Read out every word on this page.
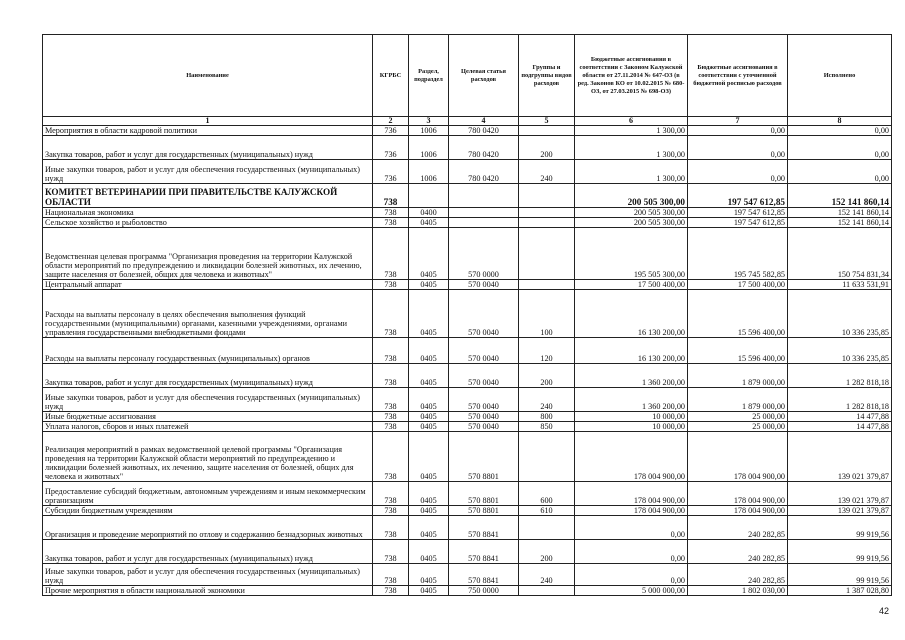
Наименование	КГРБС	Раздел, подраздел	Целевая статья расходов	Группы и подгруппы видов расходов	Бюджетные ассигнования в соответствии с Законом Калужской области от 27.11.2014 № 647-ОЗ (в ред. Законов КО от 10.02.2015 № 680-ОЗ, от 27.03.2015 № 698-ОЗ)	Бюджетные ассигнования в соответствии с уточненной бюджетной росписью расходов	Исполнено
1	2	3	4	5	6	7	8
Мероприятия в области кадровой политики	736	1006	780 0420		1 300,00	0,00	0,00
Закупка товаров, работ и услуг для государственных (муниципальных) нужд	736	1006	780 0420	200	1 300,00	0,00	0,00
Иные закупки товаров, работ и услуг для обеспечения государственных (муниципальных) нужд	736	1006	780 0420	240	1 300,00	0,00	0,00
КОМИТЕТ ВЕТЕРИНАРИИ ПРИ ПРАВИТЕЛЬСТВЕ КАЛУЖСКОЙ ОБЛАСТИ	738				200 505 300,00	197 547 612,85	152 141 860,14
Национальная экономика	738	0400			200 505 300,00	197 547 612,85	152 141 860,14
Сельское хозяйство и рыболовство	738	0405			200 505 300,00	197 547 612,85	152 141 860,14
Ведомственная целевая программа "Организация проведения на территории Калужской области мероприятий по предупреждению и ликвидации болезней животных, их лечению, защите населения от болезней, общих для человека и животных"	738	0405	570 0000		195 505 300,00	195 745 582,85	150 754 831,34
Центральный аппарат	738	0405	570 0040		17 500 400,00	17 500 400,00	11 633 531,91
Расходы на выплаты персоналу в целях обеспечения выполнения функций государственными (муниципальными) органами, казенными учреждениями, органами управления государственными внебюджетными фондами	738	0405	570 0040	100	16 130 200,00	15 596 400,00	10 336 235,85
Расходы на выплаты персоналу государственных (муниципальных) органов	738	0405	570 0040	120	16 130 200,00	15 596 400,00	10 336 235,85
Закупка товаров, работ и услуг для государственных (муниципальных) нужд	738	0405	570 0040	200	1 360 200,00	1 879 000,00	1 282 818,18
Иные закупки товаров, работ и услуг для обеспечения государственных (муниципальных) нужд	738	0405	570 0040	240	1 360 200,00	1 879 000,00	1 282 818,18
Иные бюджетные ассигнования	738	0405	570 0040	800	10 000,00	25 000,00	14 477,88
Уплата налогов, сборов и иных платежей	738	0405	570 0040	850	10 000,00	25 000,00	14 477,88
Реализация мероприятий в рамках ведомственной целевой программы "Организация проведения на территории Калужской области мероприятий по предупреждению и ликвидации болезней животных, их лечению, защите населения от болезней, общих для человека и животных"	738	0405	570 8801		178 004 900,00	178 004 900,00	139 021 379,87
Предоставление субсидий бюджетным, автономным учреждениям и иным некоммерческим организациям	738	0405	570 8801	600	178 004 900,00	178 004 900,00	139 021 379,87
Субсидии бюджетным учреждениям	738	0405	570 8801	610	178 004 900,00	178 004 900,00	139 021 379,87
Организация и проведение мероприятий по отлову и содержанию безнадзорных животных	738	0405	570 8841		0,00	240 282,85	99 919,56
Закупка товаров, работ и услуг для государственных (муниципальных) нужд	738	0405	570 8841	200	0,00	240 282,85	99 919,56
Иные закупки товаров, работ и услуг для обеспечения государственных (муниципальных) нужд	738	0405	570 8841	240	0,00	240 282,85	99 919,56
Прочие мероприятия в области национальной экономики	738	0405	750 0000		5 000 000,00	1 802 030,00	1 387 028,80
42
